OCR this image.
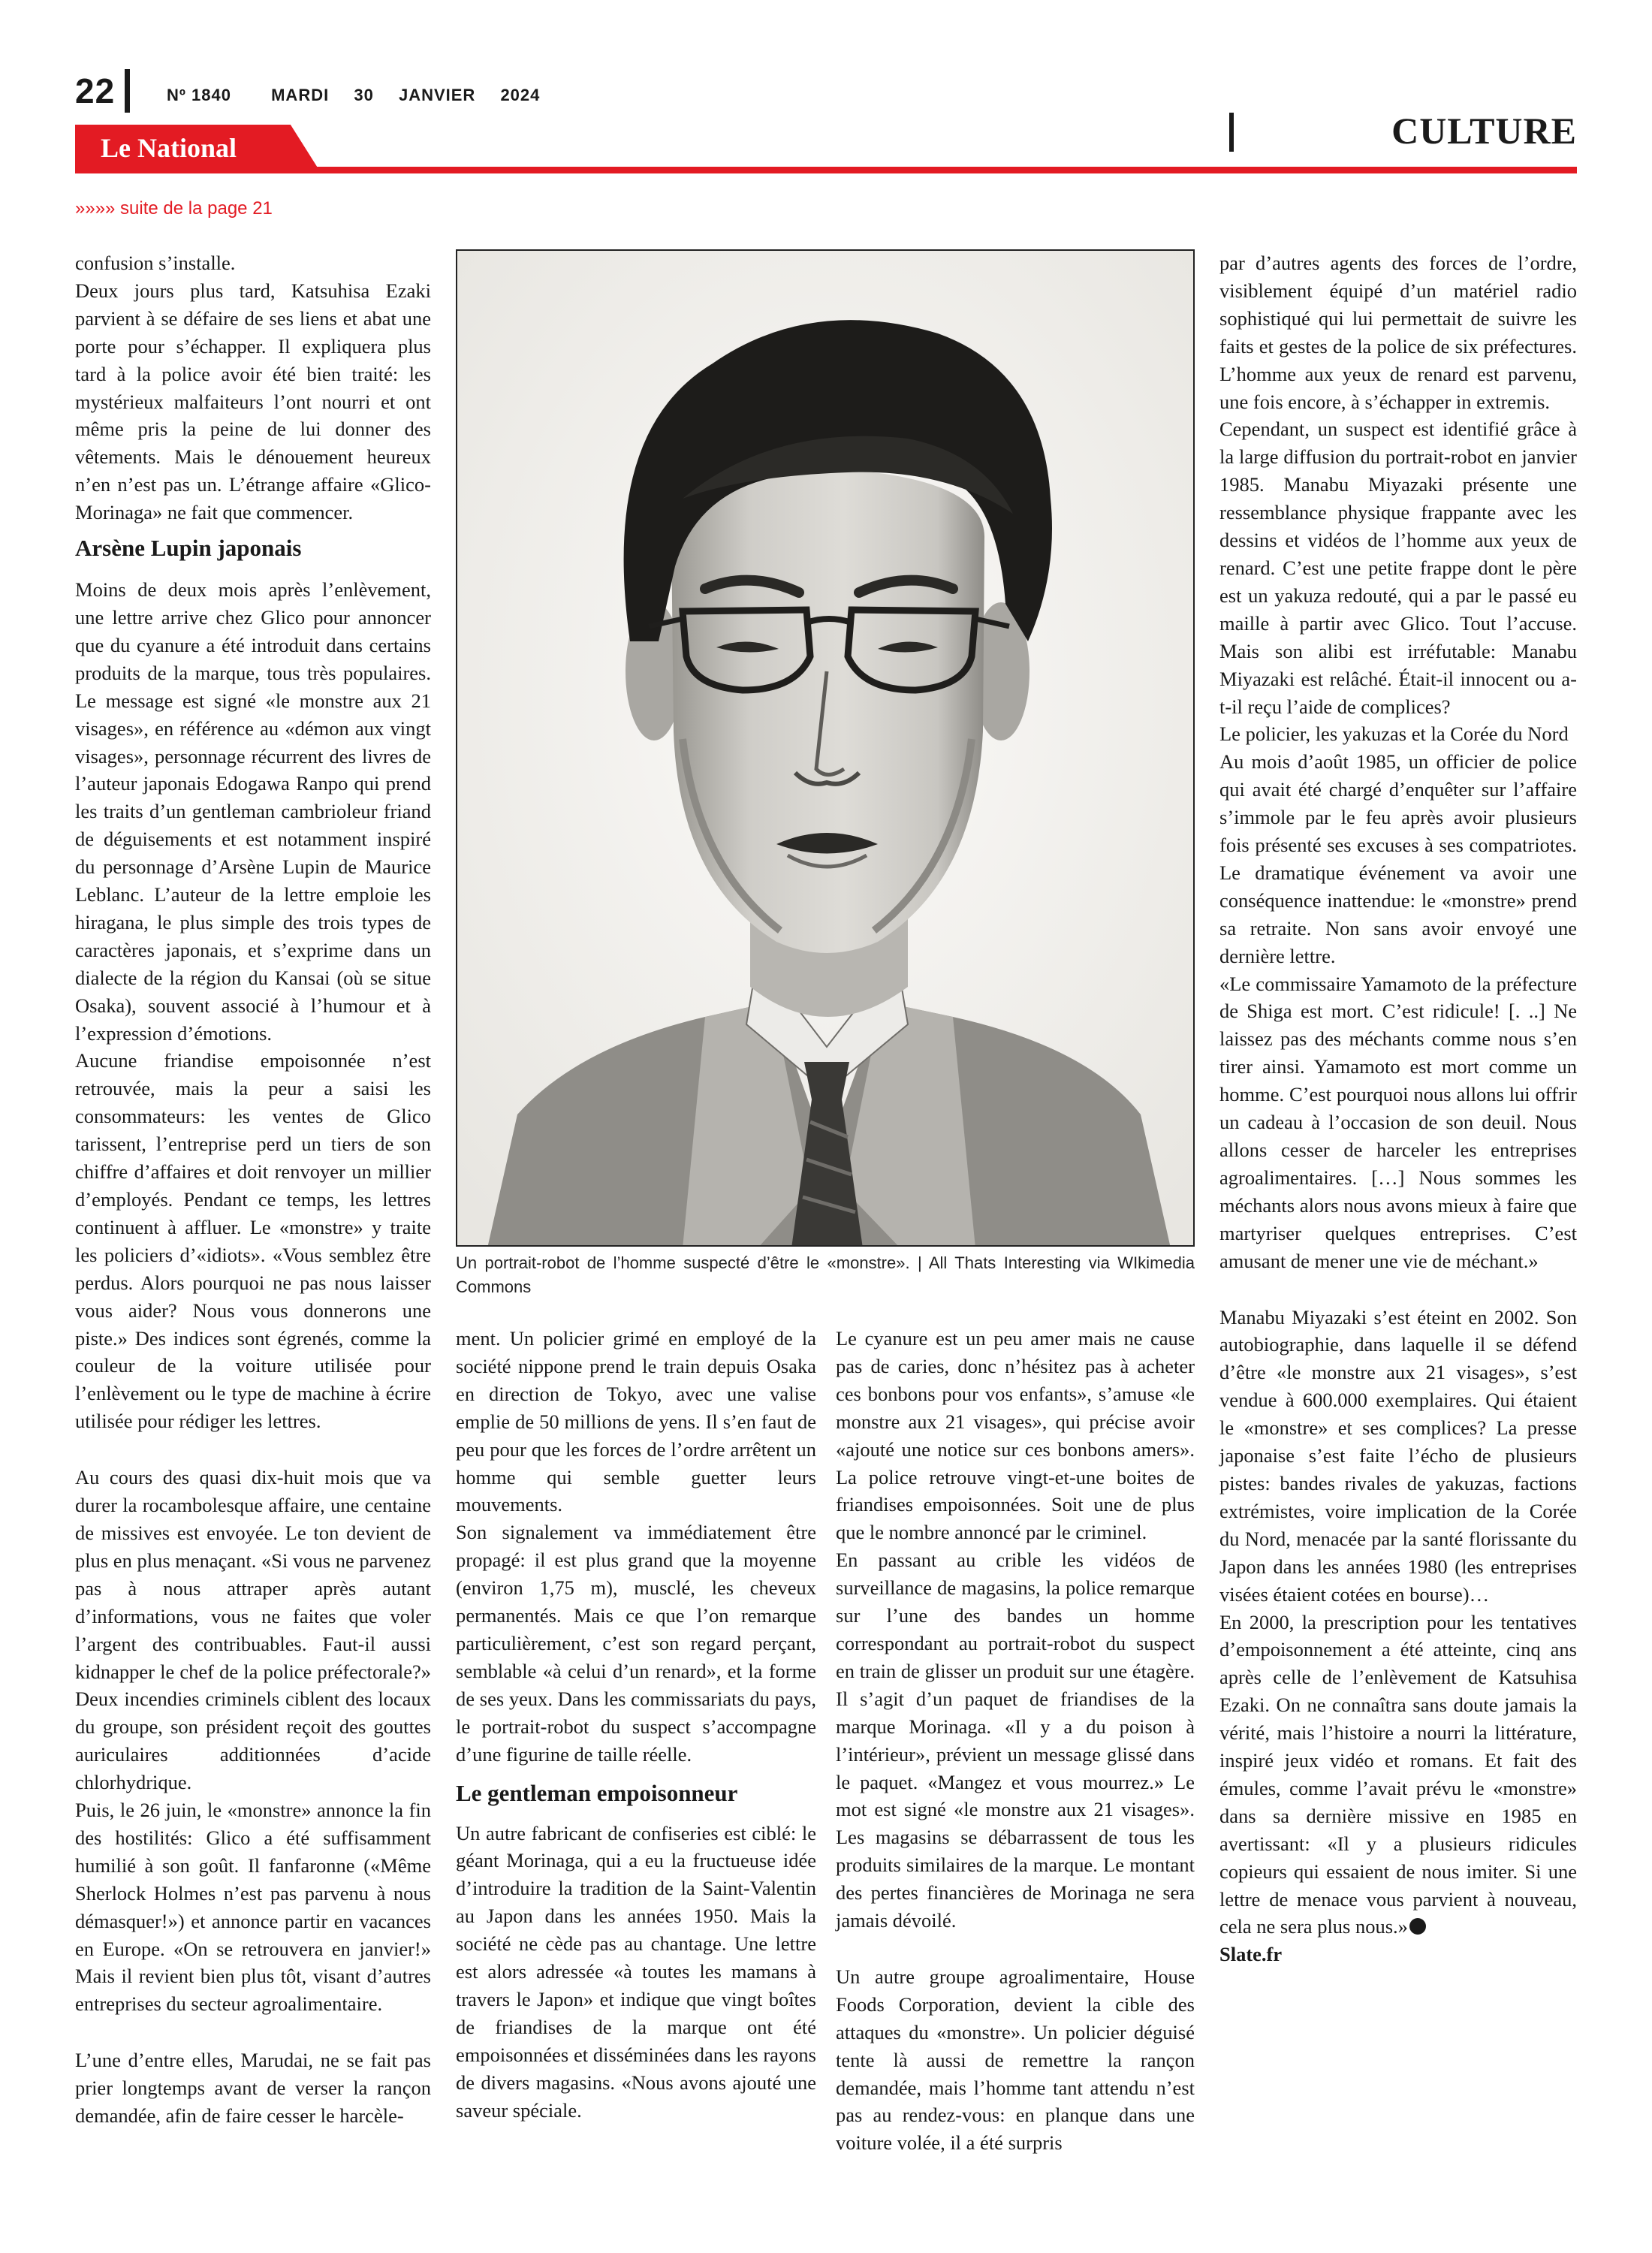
22	Nº 1840 MARDI 30 JANVIER 2024
Le National	CULTURE
»»»» suite de la page 21

confusion s’installe.

Deux jours plus tard, Katsuhisa Ezaki parvient à se défaire de ses liens et abat une porte pour s’échapper. Il expliquera plus tard à la police avoir été bien traité: les mystérieux malfaiteurs l’ont nourri et ont même pris la peine de lui donner des vêtements. Mais le dénouement heureux n’en n’est pas un. L’étrange affaire «Glico-Morinaga» ne fait que commencer.

Arsène Lupin japonais

Moins de deux mois après l’enlèvement, une lettre arrive chez Glico pour annoncer que du cyanure a été introduit dans certains produits de la marque, tous très populaires. Le message est signé «le monstre aux 21 visages», en référence au «démon aux vingt visages», personnage récurrent des livres de l’auteur japonais Edogawa Ranpo qui prend les traits d’un gentleman cambrioleur friand de déguisements et est notamment inspiré du personnage d’Arsène Lupin de Maurice Leblanc. L’auteur de la lettre emploie les hiragana, le plus simple des trois types de caractères japonais, et s’exprime dans un dialecte de la région du Kansai (où se situe Osaka), souvent associé à l’humour et à l’expression d’émotions.

Aucune friandise empoisonnée n’est retrouvée, mais la peur a saisi les consommateurs: les ventes de Glico tarissent, l’entreprise perd un tiers de son chiffre d’affaires et doit renvoyer un millier d’employés. Pendant ce temps, les lettres continuent à affluer. Le «monstre» y traite les policiers d’«idiots». «Vous semblez être perdus. Alors pourquoi ne pas nous laisser vous aider? Nous vous donnerons une piste.» Des indices sont égrenés, comme la couleur de la voiture utilisée pour l’enlèvement ou le type de machine à écrire utilisée pour rédiger les lettres.

Au cours des quasi dix-huit mois que va durer la rocambolesque affaire, une centaine de missives est envoyée. Le ton devient de plus en plus menaçant. «Si vous ne parvenez pas à nous attraper après autant d’informations, vous ne faites que voler l’argent des contribuables. Faut-il aussi kidnapper le chef de la police préfectorale?» Deux incendies criminels ciblent des locaux du groupe, son président reçoit des gouttes auriculaires additionnées d’acide chlorhydrique.

Puis, le 26 juin, le «monstre» annonce la fin des hostilités: Glico a été suffisamment humilié à son goût. Il fanfaronne («Même Sherlock Holmes n’est pas parvenu à nous démasquer!») et annonce partir en vacances en Europe. «On se retrouvera en janvier!» Mais il revient bien plus tôt, visant d’autres entreprises du secteur agroalimentaire.

L’une d’entre elles, Marudai, ne se fait pas prier longtemps avant de verser la rançon demandée, afin de faire cesser le harcèle-

Un portrait-robot de l’homme suspecté d’être le «monstre». | All Thats Interesting via WIkimedia Commons

ment. Un policier grimé en employé de la société nippone prend le train depuis Osaka en direction de Tokyo, avec une valise emplie de 50 millions de yens. Il s’en faut de peu pour que les forces de l’ordre arrêtent un homme qui semble guetter leurs mouvements.

Son signalement va immédiatement être propagé: il est plus grand que la moyenne (environ 1,75 m), musclé, les cheveux permanentés. Mais ce que l’on remarque particulièrement, c’est son regard perçant, semblable «à celui d’un renard», et la forme de ses yeux. Dans les commissariats du pays, le portrait-robot du suspect s’accompagne d’une figurine de taille réelle.

Le gentleman empoisonneur

Un autre fabricant de confiseries est ciblé: le géant Morinaga, qui a eu la fructueuse idée d’introduire la tradition de la Saint-Valentin au Japon dans les années 1950. Mais la société ne cède pas au chantage. Une lettre est alors adressée «à toutes les mamans à travers le Japon» et indique que vingt boîtes de friandises de la marque ont été empoisonnées et disséminées dans les rayons de divers magasins. «Nous avons ajouté une saveur spéciale.

Le cyanure est un peu amer mais ne cause pas de caries, donc n’hésitez pas à acheter ces bonbons pour vos enfants», s’amuse «le monstre aux 21 visages», qui précise avoir «ajouté une notice sur ces bonbons amers». La police retrouve vingt-et-une boites de friandises empoisonnées. Soit une de plus que le nombre annoncé par le criminel.

En passant au crible les vidéos de surveillance de magasins, la police remarque sur l’une des bandes un homme correspondant au portrait-robot du suspect en train de glisser un produit sur une étagère. Il s’agit d’un paquet de friandises de la marque Morinaga. «Il y a du poison à l’intérieur», prévient un message glissé dans le paquet. «Mangez et vous mourrez.» Le mot est signé «le monstre aux 21 visages». Les magasins se débarrassent de tous les produits similaires de la marque. Le montant des pertes financières de Morinaga ne sera jamais dévoilé.

Un autre groupe agroalimentaire, House Foods Corporation, devient la cible des attaques du «monstre». Un policier déguisé tente là aussi de remettre la rançon demandée, mais l’homme tant attendu n’est pas au rendez-vous: en planque dans une voiture volée, il a été surpris

par d’autres agents des forces de l’ordre, visiblement équipé d’un matériel radio sophistiqué qui lui permettait de suivre les faits et gestes de la police de six préfectures. L’homme aux yeux de renard est parvenu, une fois encore, à s’échapper in extremis.

Cependant, un suspect est identifié grâce à la large diffusion du portrait-robot en janvier 1985. Manabu Miyazaki présente une ressemblance physique frappante avec les dessins et vidéos de l’homme aux yeux de renard. C’est une petite frappe dont le père est un yakuza redouté, qui a par le passé eu maille à partir avec Glico. Tout l’accuse. Mais son alibi est irréfutable: Manabu Miyazaki est relâché. Était-il innocent ou a-t-il reçu l’aide de complices?

Le policier, les yakuzas et la Corée du Nord

Au mois d’août 1985, un officier de police qui avait été chargé d’enquêter sur l’affaire s’immole par le feu après avoir plusieurs fois présenté ses excuses à ses compatriotes. Le dramatique événement va avoir une conséquence inattendue: le «monstre» prend sa retraite. Non sans avoir envoyé une dernière lettre.

«Le commissaire Yamamoto de la préfecture de Shiga est mort. C’est ridicule! [. ..] Ne laissez pas des méchants comme nous s’en tirer ainsi. Yamamoto est mort comme un homme. C’est pourquoi nous allons lui offrir un cadeau à l’occasion de son deuil. Nous allons cesser de harceler les entreprises agroalimentaires. […] Nous sommes les méchants alors nous avons mieux à faire que martyriser quelques entreprises. C’est amusant de mener une vie de méchant.»

Manabu Miyazaki s’est éteint en 2002. Son autobiographie, dans laquelle il se défend d’être «le monstre aux 21 visages», s’est vendue à 600.000 exemplaires. Qui étaient le «monstre» et ses complices? La presse japonaise s’est faite l’écho de plusieurs pistes: bandes rivales de yakuzas, factions extrémistes, voire implication de la Corée du Nord, menacée par la santé florissante du Japon dans les années 1980 (les entreprises visées étaient cotées en bourse)…

En 2000, la prescription pour les tentatives d’empoisonnement a été atteinte, cinq ans après celle de l’enlèvement de Katsuhisa Ezaki. On ne connaîtra sans doute jamais la vérité, mais l’histoire a nourri la littérature, inspiré jeux vidéo et romans. Et fait des émules, comme l’avait prévu le «monstre» dans sa dernière missive en 1985 en avertissant: «Il y a plusieurs ridicules copieurs qui essaient de nous imiter. Si une lettre de menace vous parvient à nouveau, cela ne sera plus nous.»

Slate.fr
